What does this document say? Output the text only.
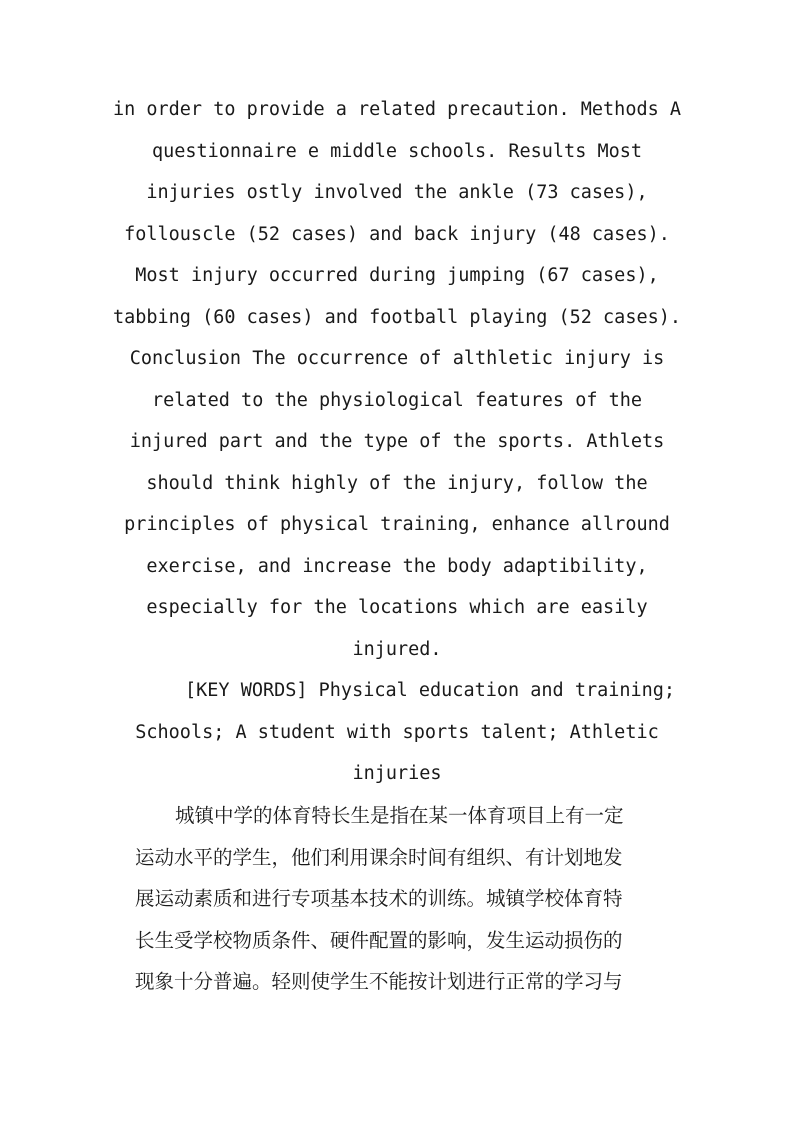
in order to provide a related precaution. Methods A
questionnaire e middle schools. Results Most
injuries ostly involved the ankle (73 cases),
follouscle (52 cases) and back injury (48 cases).
Most injury occurred during jumping (67 cases),
tabbing (60 cases) and football playing (52 cases).
Conclusion The occurrence of althletic injury is
related to the physiological features of the
injured part and the type of the sports. Athlets
should think highly of the injury, follow the
principles of physical training, enhance allround
exercise, and increase the body adaptibility,
especially for the locations which are easily
injured.
[KEY WORDS] Physical education and training;
Schools; A student with sports talent; Athletic
injuries
城镇中学的体育特长生是指在某一体育项目上有一定
运动水平的学生，他们利用课余时间有组织、有计划地发
展运动素质和进行专项基本技术的训练。城镇学校体育特
长生受学校物质条件、硬件配置的影响，发生运动损伤的
现象十分普遍。轻则使学生不能按计划进行正常的学习与
